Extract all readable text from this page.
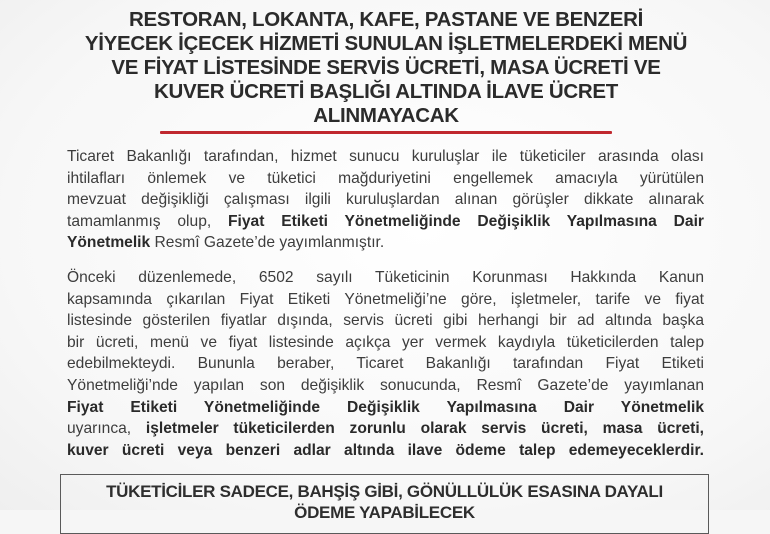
RESTORAN, LOKANTA, KAFE, PASTANE VE BENZERİ
YİYECEK İÇECEK HİZMETİ SUNULAN İŞLETMELERDEKİ MENÜ
VE FİYAT LİSTESİNDE SERVİS ÜCRETİ, MASA ÜCRETİ VE
KUVER ÜCRETİ BAŞLIĞI ALTINDA İLAVE ÜCRET
ALINMAYACAK

Ticaret Bakanlığı tarafından, hizmet sunucu kuruluşlar ile tüketiciler arasında olası
ihtilafları önlemek ve tüketici mağduriyetini engellemek amacıyla yürütülen
mevzuat değişikliği çalışması ilgili kuruluşlardan alınan görüşler dikkate alınarak
tamamlanmış olup, Fiyat Etiketi Yönetmeliğinde Değişiklik Yapılmasına Dair
Yönetmelik Resmî Gazete’de yayımlanmıştır.

Önceki düzenlemede, 6502 sayılı Tüketicinin Korunması Hakkında Kanun
kapsamında çıkarılan Fiyat Etiketi Yönetmeliği’ne göre, işletmeler, tarife ve fiyat
listesinde gösterilen fiyatlar dışında, servis ücreti gibi herhangi bir ad altında başka
bir ücreti, menü ve fiyat listesinde açıkça yer vermek kaydıyla tüketicilerden talep
edebilmekteydi. Bununla beraber, Ticaret Bakanlığı tarafından Fiyat Etiketi
Yönetmeliği’nde yapılan son değişiklik sonucunda, Resmî Gazete’de yayımlanan
Fiyat Etiketi Yönetmeliğinde Değişiklik Yapılmasına Dair Yönetmelik
uyarınca, işletmeler tüketicilerden zorunlu olarak servis ücreti, masa ücreti,
kuver ücreti veya benzeri adlar altında ilave ödeme talep edemeyeceklerdir.

TÜKETİCİLER SADECE, BAHŞİŞ GİBİ, GÖNÜLLÜLÜK ESASINA DAYALI
ÖDEME YAPABİLECEK
